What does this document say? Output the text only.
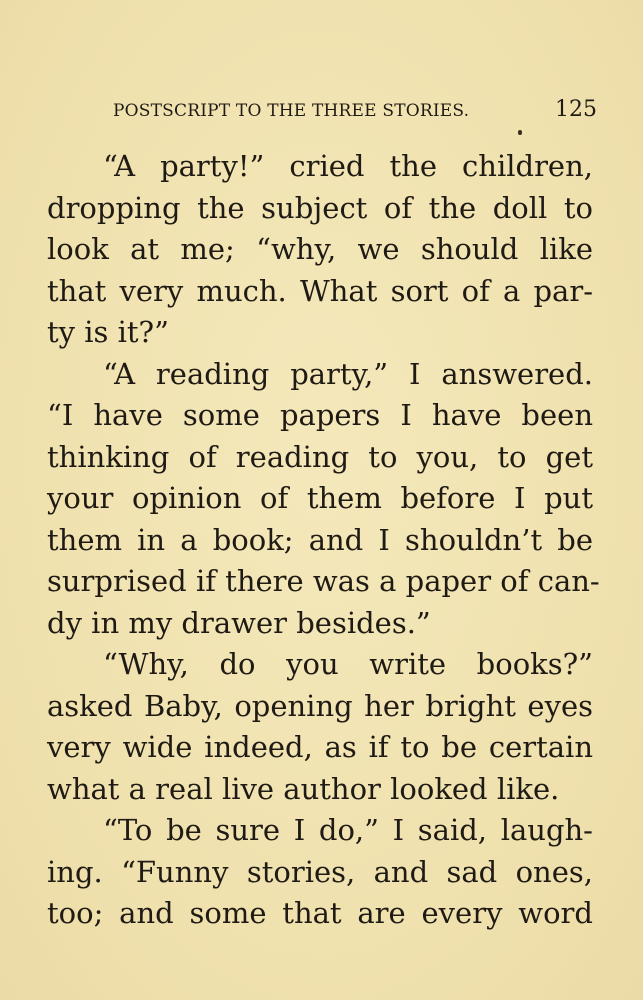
POSTSCRIPT TO THE THREE STORIES.	125
“A party!” cried the children,
dropping the subject of the doll to
look at me; “why, we should like
that very much. What sort of a par-
ty is it?”
“A reading party,” I answered.
“I have some papers I have been
thinking of reading to you, to get
your opinion of them before I put
them in a book; and I shouldn’t be
surprised if there was a paper of can-
dy in my drawer besides.”
“Why, do you write books?”
asked Baby, opening her bright eyes
very wide indeed, as if to be certain
what a real live author looked like.
“To be sure I do,” I said, laugh-
ing. “Funny stories, and sad ones,
too; and some that are every word
